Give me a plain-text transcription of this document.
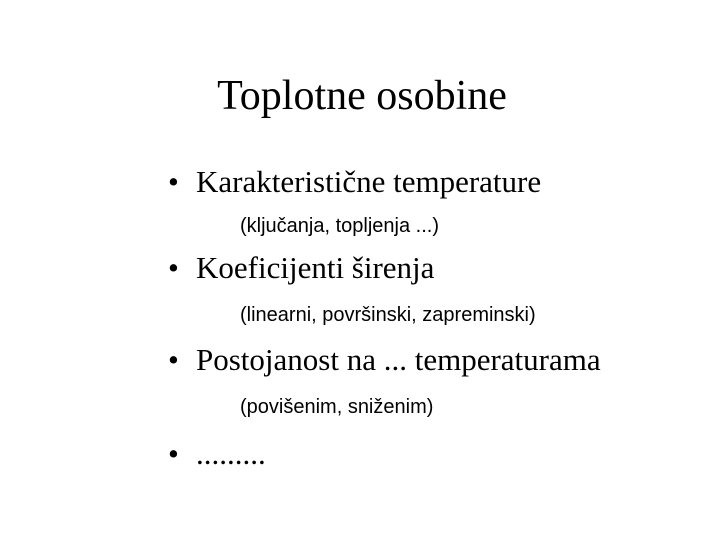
Toplotne osobine
• Karakteristične temperature
(ključanja, topljenja ...)
• Koeficijenti širenja
(linearni, površinski, zapreminski)
• Postojanost na ... temperaturama
(povišenim, sniženim)
• .........
